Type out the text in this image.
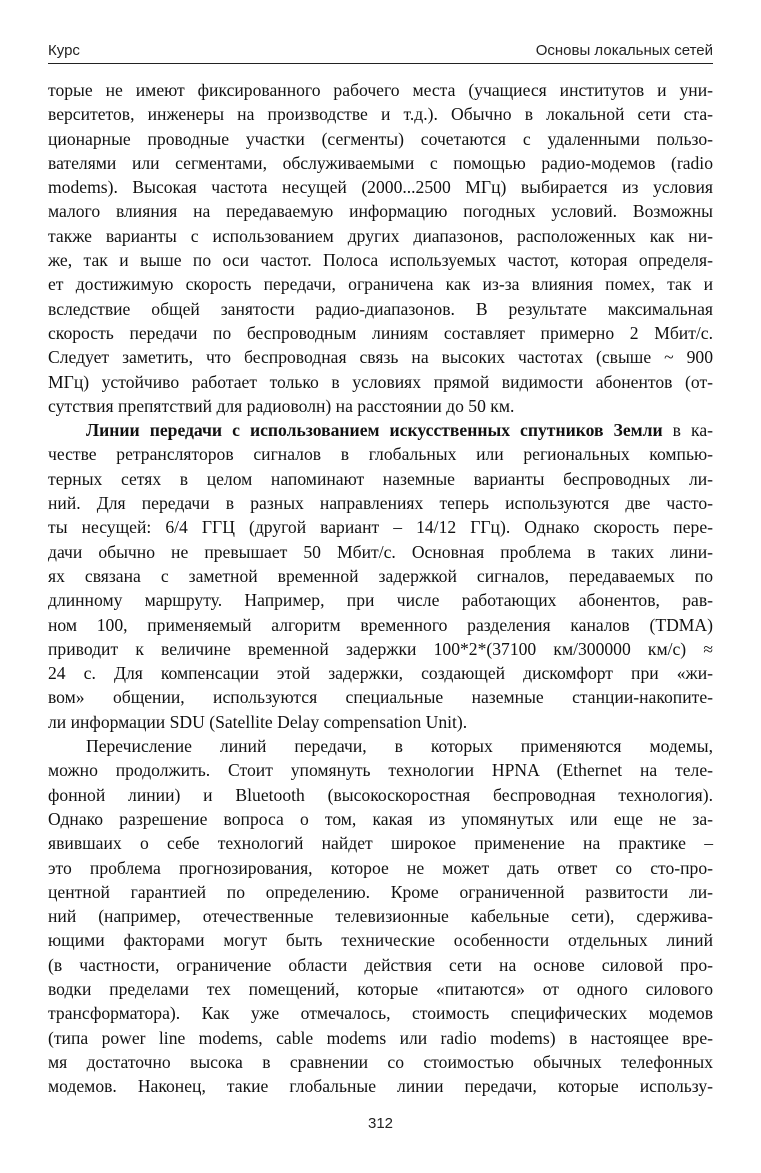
Курс	Основы локальных сетей
торые не имеют фиксированного рабочего места (учащиеся институтов и уни-
верситетов, инженеры на производстве и т.д.). Обычно в локальной сети ста-
ционарные проводные участки (сегменты) сочетаются с удаленными пользо-
вателями или сегментами, обслуживаемыми с помощью радио-модемов (radio
modems). Высокая частота несущей (2000...2500 МГц) выбирается из условия
малого влияния на передаваемую информацию погодных условий. Возможны
также варианты с использованием других диапазонов, расположенных как ни-
же, так и выше по оси частот. Полоса используемых частот, которая определя-
ет достижимую скорость передачи, ограничена как из-за влияния помех, так и
вследствие общей занятости радио-диапазонов. В результате максимальная
скорость передачи по беспроводным линиям составляет примерно 2 Мбит/с.
Следует заметить, что беспроводная связь на высоких частотах (свыше ~ 900
МГц) устойчиво работает только в условиях прямой видимости абонентов (от-
сутствия препятствий для радиоволн) на расстоянии до 50 км.
Линии передачи с использованием искусственных спутников Земли в ка-
честве ретрансляторов сигналов в глобальных или региональных компью-
терных сетях в целом напоминают наземные варианты беспроводных ли-
ний. Для передачи в разных направлениях теперь используются две часто-
ты несущей: 6/4 ГГЦ (другой вариант – 14/12 ГГц). Однако скорость пере-
дачи обычно не превышает 50 Мбит/с. Основная проблема в таких лини-
ях связана с заметной временной задержкой сигналов, передаваемых по
длинному маршруту. Например, при числе работающих абонентов, рав-
ном 100, применяемый алгоритм временного разделения каналов (TDMA)
приводит к величине временной задержки 100*2*(37100 км/300000 км/с) ≈
24 с. Для компенсации этой задержки, создающей дискомфорт при «жи-
вом» общении, используются специальные наземные станции-накопите-
ли информации SDU (Satellite Delay compensation Unit).
Перечисление линий передачи, в которых применяются модемы,
можно продолжить. Стоит упомянуть технологии HPNA (Ethernet на теле-
фонной линии) и Bluetooth (высокоскоростная беспроводная технология).
Однако разрешение вопроса о том, какая из упомянутых или еще не за-
явившаих о себе технологий найдет широкое применение на практике –
это проблема прогнозирования, которое не может дать ответ со сто-про-
центной гарантией по определению. Кроме ограниченной развитости ли-
ний (например, отечественные телевизионные кабельные сети), сдержива-
ющими факторами могут быть технические особенности отдельных линий
(в частности, ограничение области действия сети на основе силовой про-
водки пределами тех помещений, которые «питаются» от одного силового
трансформатора). Как уже отмечалось, стоимость специфических модемов
(типа power line modems, cable modems или radio modems) в настоящее вре-
мя достаточно высока в сравнении со стоимостью обычных телефонных
модемов. Наконец, такие глобальные линии передачи, которые использу-
312
